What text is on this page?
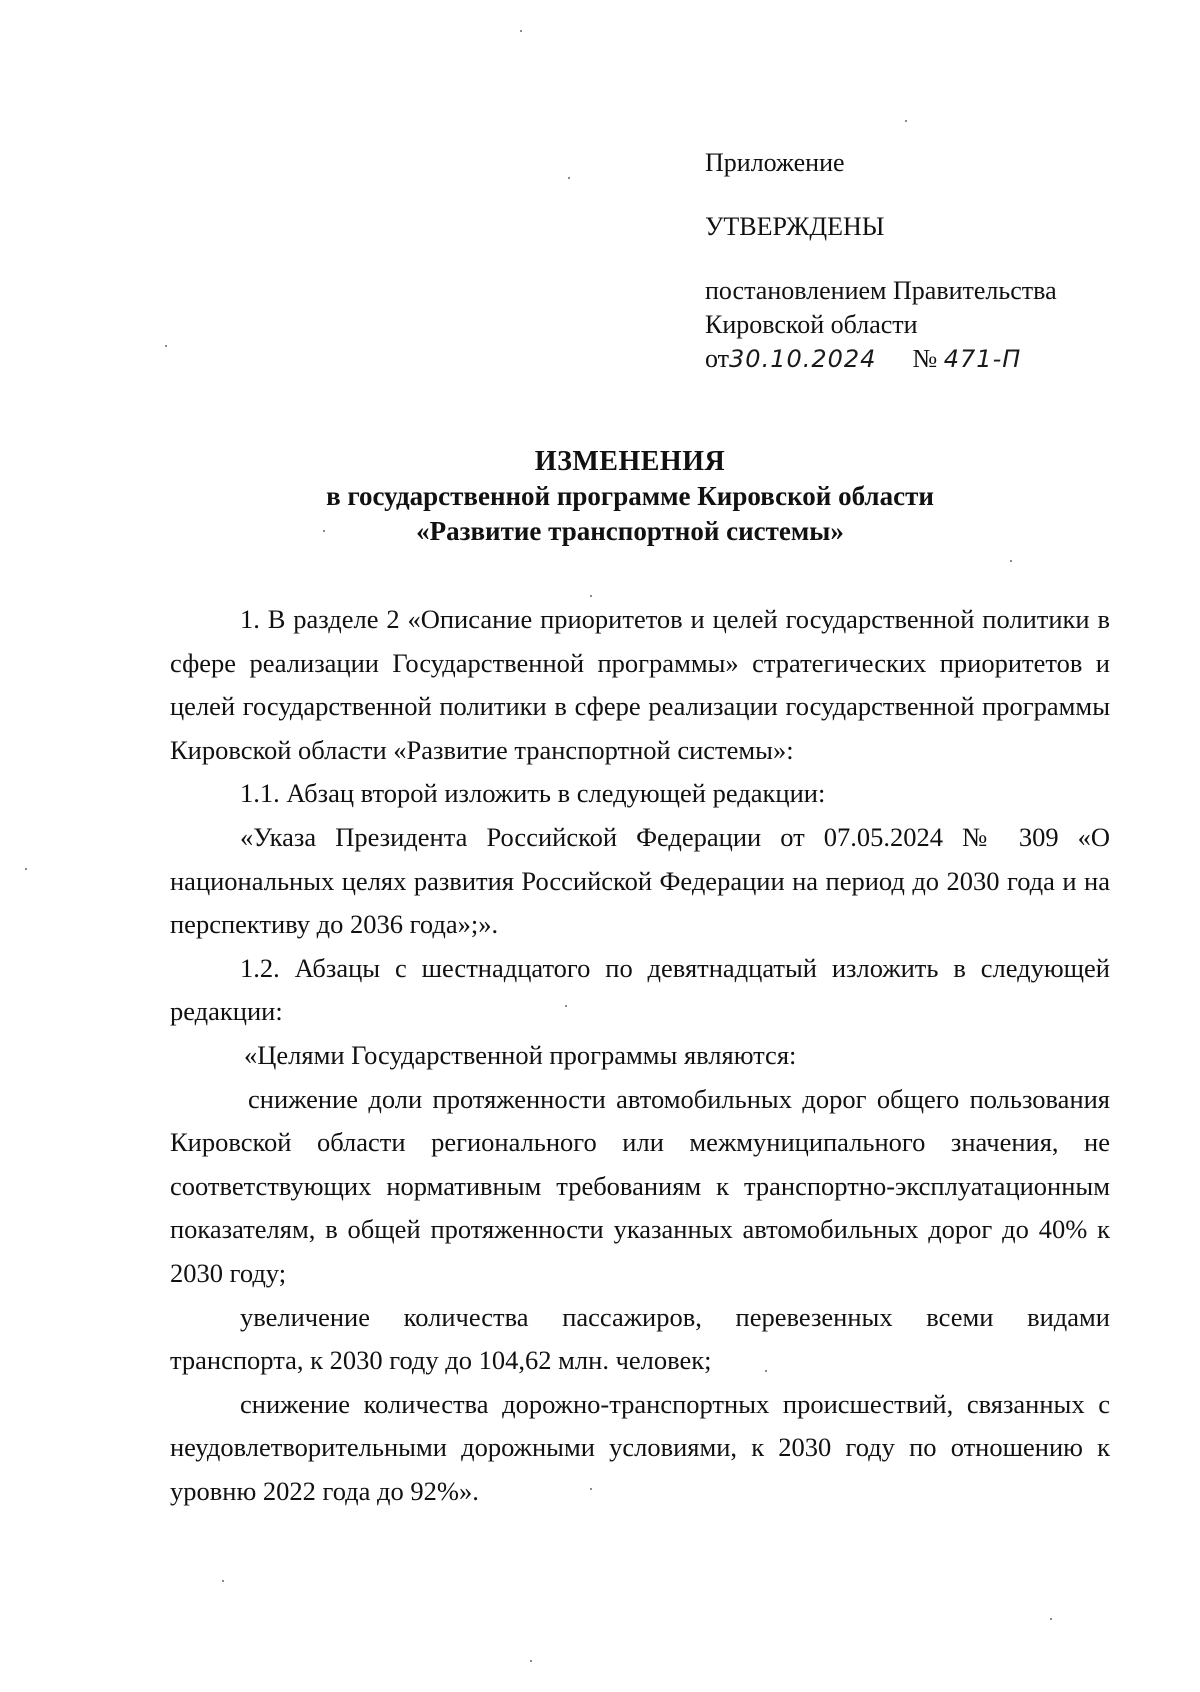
Приложение
УТВЕРЖДЕНЫ
постановлением Правительства
Кировской области
от30.10.2024 № 471-П
ИЗМЕНЕНИЯ
в государственной программе Кировской области
«Развитие транспортной системы»

1. В разделе 2 «Описание приоритетов и целей государственной политики в сфере реализации Государственной программы» стратегических приоритетов и целей государственной политики в сфере реализации государственной программы Кировской области «Развитие транспортной системы»:

1.1. Абзац второй изложить в следующей редакции:

«Указа Президента Российской Федерации от 07.05.2024 № 309 «О национальных целях развития Российской Федерации на период до 2030 года и на перспективу до 2036 года»;».

1.2. Абзацы с шестнадцатого по девятнадцатый изложить в следующей редакции:

«Целями Государственной программы являются:

снижение доли протяженности автомобильных дорог общего пользования Кировской области регионального или межмуниципального значения, не соответствующих нормативным требованиям к транспортно-эксплуатационным показателям, в общей протяженности указанных автомобильных дорог до 40% к 2030 году;

увеличение количества пассажиров, перевезенных всеми видами транспорта, к 2030 году до 104,62 млн. человек;

снижение количества дорожно-транспортных происшествий, связанных с неудовлетворительными дорожными условиями, к 2030 году по отношению к уровню 2022 года до 92%».
